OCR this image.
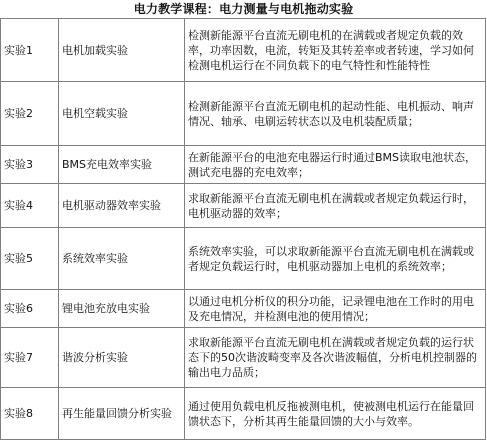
电力教学课程：电力测量与电机拖动实验
实验1	电机加载实验	检测新能源平台直流无刷电机的在满载或者规定负载的效率，功率因数，电流，转矩及其转差率或者转速，学习如何检测电机运行在不同负载下的电气特性和性能特性
实验2	电机空载实验	检测新能源平台直流无刷电机的起动性能、电机振动、响声情况、轴承、电刷运转状态以及电机装配质量；
实验3	BMS充电效率实验	在新能源平台的电池充电器运行时通过BMS读取电池状态，测试充电器的充电效率；
实验4	电机驱动器效率实验	求取新能源平台直流无刷电机在满载或者规定负载运行时，电机驱动器的效率；
实验5	系统效率实验	系统效率实验，可以求取新能源平台直流无刷电机在满载或者规定负载运行时，电机驱动器加上电机的系统效率；
实验6	锂电池充放电实验	以通过电机分析仪的积分功能，记录锂电池在工作时的用电及充电情况，并检测电池的使用情况；
实验7	谐波分析实验	求取新能源平台直流无刷电机在满载或者规定负载的运行状态下的50次谐波畸变率及各次谐波幅值，分析电机控制器的输出电力品质；
实验8	再生能量回馈分析实验	通过使用负载电机反拖被测电机，使被测电机运行在能量回馈状态下，分析其再生能量回馈的大小与效率。
